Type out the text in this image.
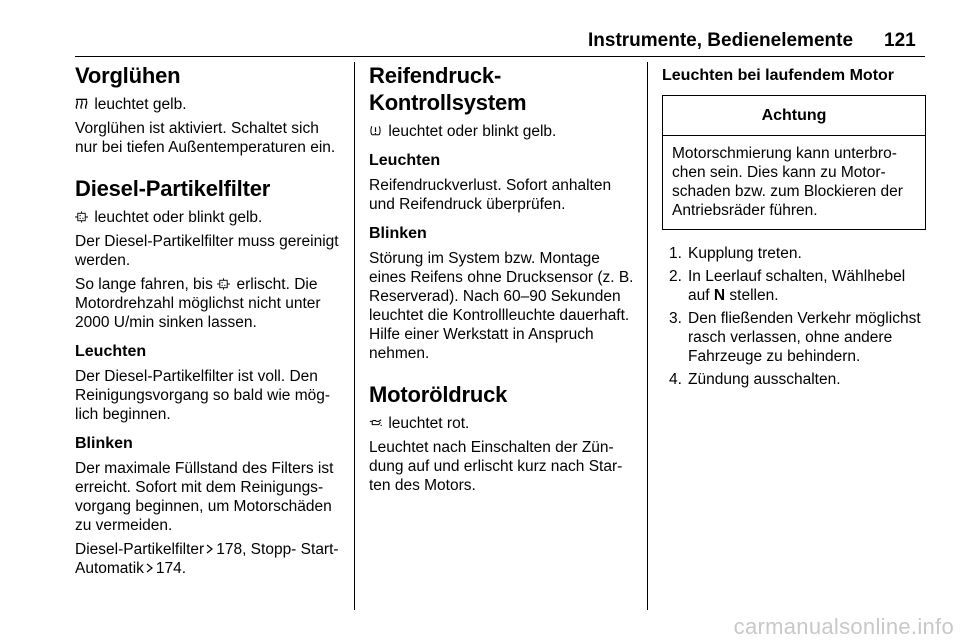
Instrumente, Bedienelemente 121
Vorglühen

leuchtet gelb.

Vorglühen ist aktiviert. Schaltet sich nur bei tiefen Außentemperaturen ein.

Diesel-Partikelfilter

leuchtet oder blinkt gelb.

Der Diesel-Partikelfilter muss gereinigt werden.

So lange fahren, bis erlischt. Die Motordrehzahl möglichst nicht unter 2000 U/min sinken lassen.

Leuchten

Der Diesel-Partikelfilter ist voll. Den Reinigungsvorgang so bald wie möglich beginnen.

Blinken

Der maximale Füllstand des Filters ist erreicht. Sofort mit dem Reinigungsvorgang beginnen, um Motorschäden zu vermeiden.

Diesel-Partikelfilter 178, Stopp- Start-Automatik 174.

Reifendruck-Kontrollsystem

leuchtet oder blinkt gelb.

Leuchten

Reifendruckverlust. Sofort anhalten und Reifendruck überprüfen.

Blinken

Störung im System bzw. Montage eines Reifens ohne Drucksensor (z. B. Reserverad). Nach 60–90 Sekunden leuchtet die Kontrollleuchte dauerhaft. Hilfe einer Werkstatt in Anspruch nehmen.

Motoröldruck

leuchtet rot.

Leuchtet nach Einschalten der Zündung auf und erlischt kurz nach Starten des Motors.

Leuchten bei laufendem Motor
Achtung
Motorschmierung kann unterbrochen sein. Dies kann zu Motorschaden bzw. zum Blockieren der Antriebsräder führen.
1. Kupplung treten.
2. In Leerlauf schalten, Wählhebel auf N stellen.
3. Den fließenden Verkehr möglichst rasch verlassen, ohne andere Fahrzeuge zu behindern.
4. Zündung ausschalten.
carmanualsonline.info
